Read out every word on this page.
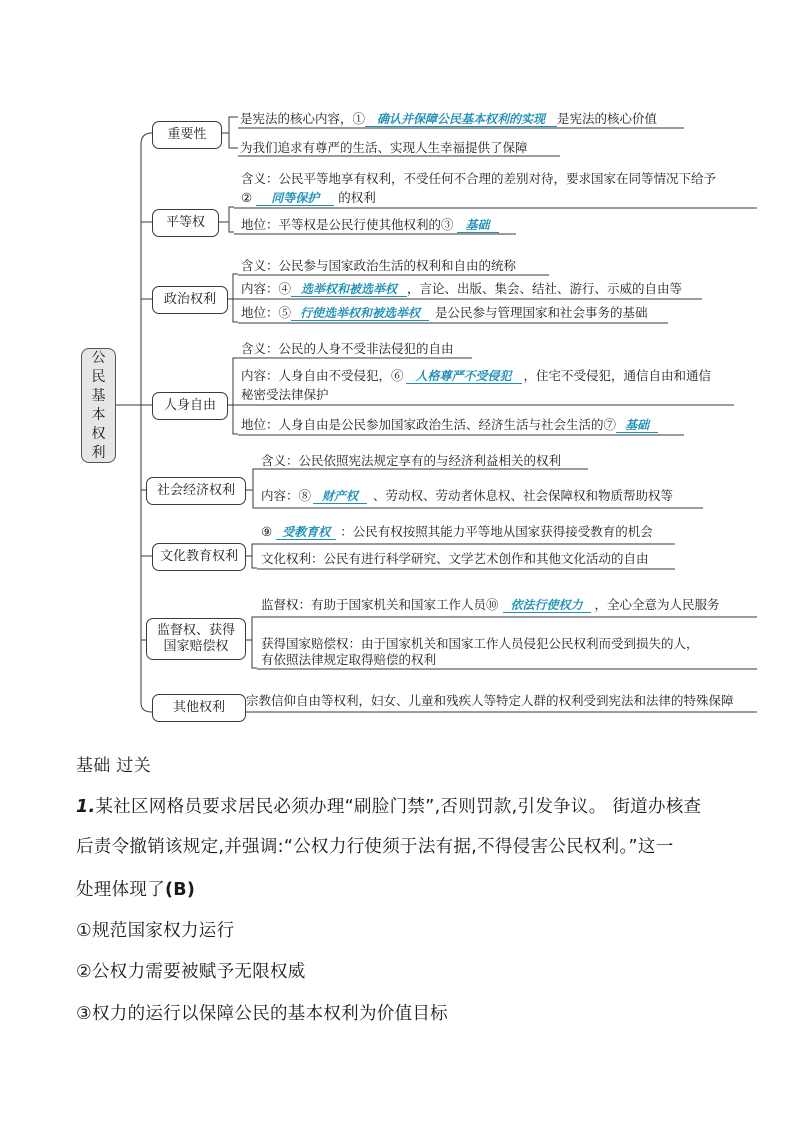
公民基本权利
重要性
是宪法的核心内容，① 确认并保障公民基本权利的实现 是宪法的核心价值
为我们追求有尊严的生活、实现人生幸福提供了保障
平等权
含义：公民平等地享有权利，不受任何不合理的差别对待，要求国家在同等情况下给予
② 同等保护 的权利
地位：平等权是公民行使其他权利的③ 基础
政治权利
含义：公民参与国家政治生活的权利和自由的统称
内容：④ 选举权和被选举权 ，言论、出版、集会、结社、游行、示威的自由等
地位：⑤ 行使选举权和被选举权 是公民参与管理国家和社会事务的基础
人身自由
含义：公民的人身不受非法侵犯的自由
内容：人身自由不受侵犯，⑥ 人格尊严不受侵犯 ，住宅不受侵犯，通信自由和通信
秘密受法律保护
地位：人身自由是公民参加国家政治生活、经济生活与社会生活的⑦ 基础
社会经济权利
含义：公民依照宪法规定享有的与经济利益相关的权利
内容：⑧ 财产权 、劳动权、劳动者休息权、社会保障权和物质帮助权等
文化教育权利
⑨ 受教育权 ：公民有权按照其能力平等地从国家获得接受教育的机会
文化权利：公民有进行科学研究、文学艺术创作和其他文化活动的自由
监督权、获得
国家赔偿权
监督权：有助于国家机关和国家工作人员⑩ 依法行使权力 ，全心全意为人民服务
获得国家赔偿权：由于国家机关和国家工作人员侵犯公民权利而受到损失的人，
有依照法律规定取得赔偿的权利
其他权利 宗教信仰自由等权利，妇女、儿童和残疾人等特定人群的权利受到宪法和法律的特殊保障
基础 过关
1.某社区网格员要求居民必须办理“刷脸门禁”,否则罚款,引发争议。 街道办核查
后责令撤销该规定,并强调:“公权力行使须于法有据,不得侵害公民权利。”这一
处理体现了(B)
①规范国家权力运行
②公权力需要被赋予无限权威
③权力的运行以保障公民的基本权利为价值目标
